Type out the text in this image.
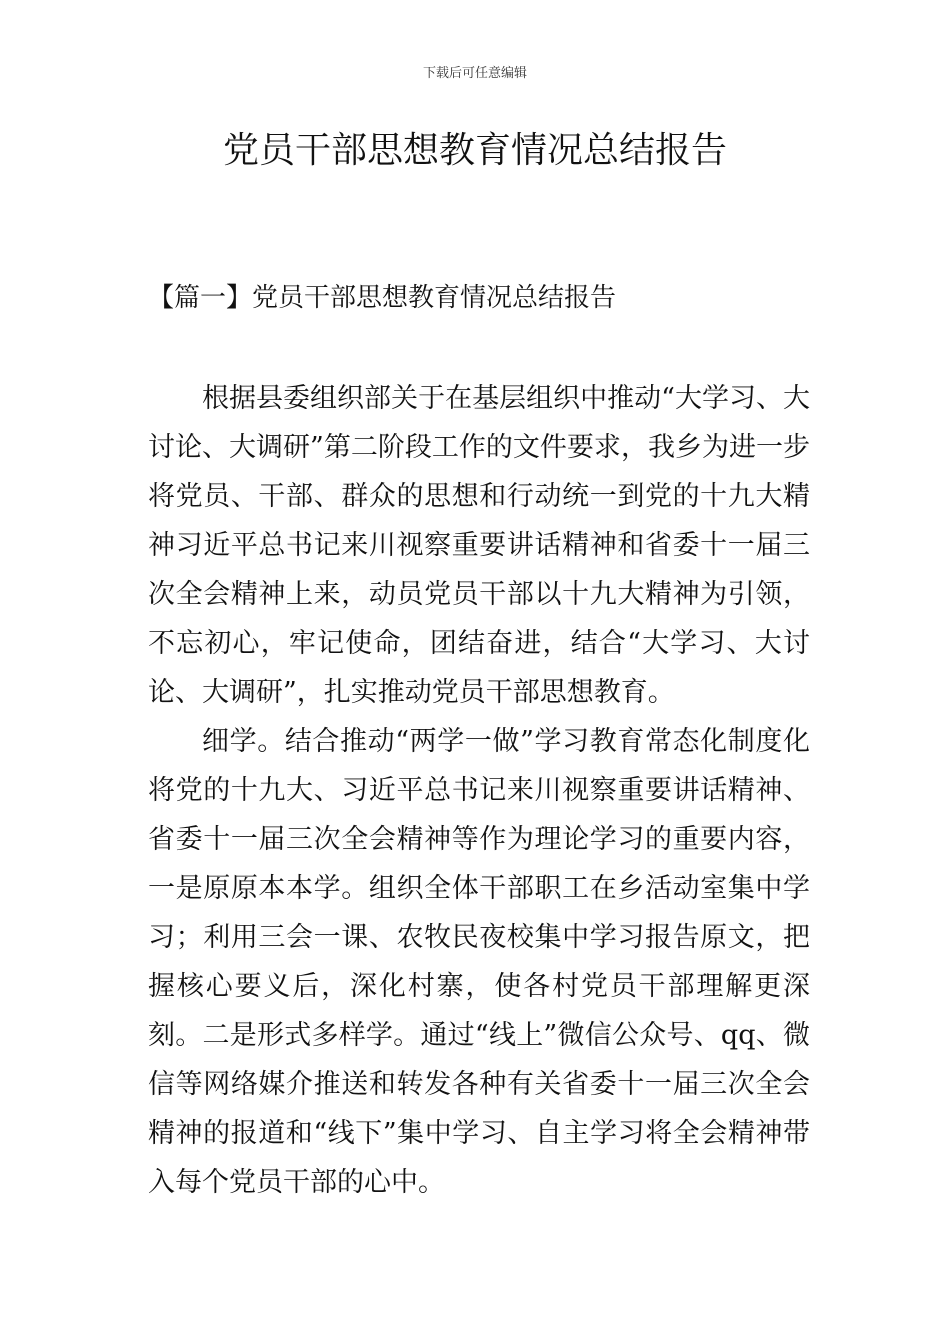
下载后可任意编辑
党员干部思想教育情况总结报告
【篇一】党员干部思想教育情况总结报告

根据县委组织部关于在基层组织中推动“大学习、大讨论、大调研”第二阶段工作的文件要求，我乡为进一步将党员、干部、群众的思想和行动统一到党的十九大精神习近平总书记来川视察重要讲话精神和省委十一届三次全会精神上来，动员党员干部以十九大精神为引领，不忘初心，牢记使命，团结奋进，结合“大学习、大讨论、大调研”，扎实推动党员干部思想教育。

细学。结合推动“两学一做”学习教育常态化制度化将党的十九大、习近平总书记来川视察重要讲话精神、省委十一届三次全会精神等作为理论学习的重要内容，一是原原本本学。组织全体干部职工在乡活动室集中学习；利用三会一课、农牧民夜校集中学习报告原文，把握核心要义后，深化村寨，使各村党员干部理解更深刻。二是形式多样学。通过“线上”微信公众号、qq、微信等网络媒介推送和转发各种有关省委十一届三次全会精神的报道和“线下”集中学习、自主学习将全会精神带入每个党员干部的心中。
